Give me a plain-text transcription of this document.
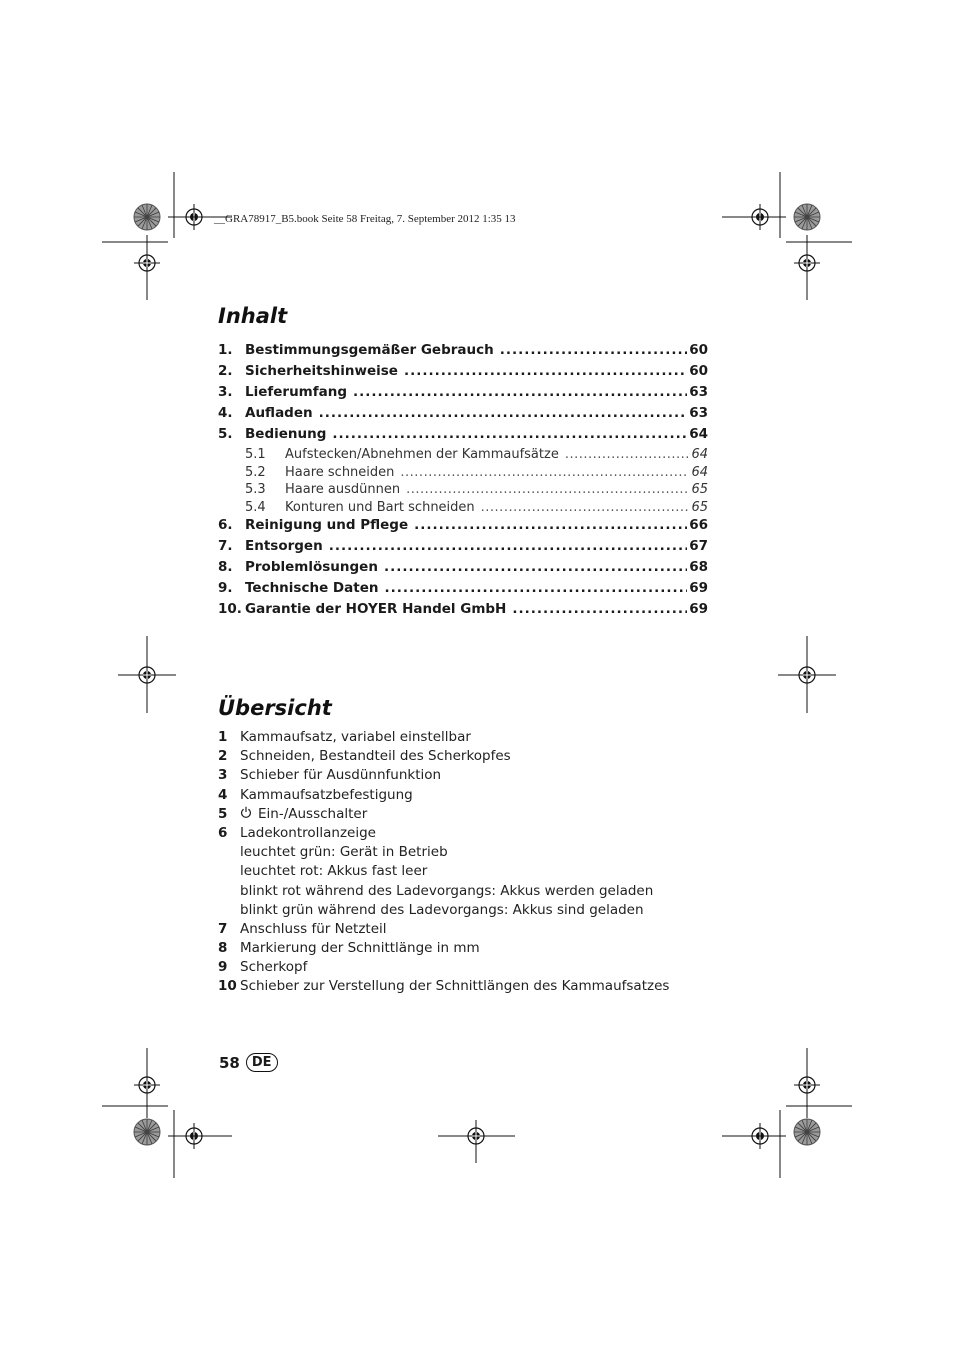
__GRA78917_B5.book Seite 58 Freitag, 7. September 2012 1:35 13
Inhalt
1. Bestimmungsgemäßer Gebrauch .....	60
2. Sicherheitshinweise .....	60
3. Lieferumfang .....	63
4. Aufladen .....	63
5. Bedienung .....	64
5.1	Aufstecken/Abnehmen der Kammaufsätze .....	64
5.2	Haare schneiden .....	64
5.3	Haare ausdünnen .....	65
5.4	Konturen und Bart schneiden .....	65
6. Reinigung und Pflege .....	66
7. Entsorgen .....	67
8. Problemlösungen .....	68
9. Technische Daten .....	69
10. Garantie der HOYER Handel GmbH .....	69
Übersicht
1 Kammaufsatz, variabel einstellbar
2 Schneiden, Bestandteil des Scherkopfes
3 Schieber für Ausdünnfunktion
4 Kammaufsatzbefestigung
5	Ein-/Ausschalter
6 Ladekontrollanzeige
leuchtet grün: Gerät in Betrieb
leuchtet rot: Akkus fast leer
blinkt rot während des Ladevorgangs: Akkus werden geladen
blinkt grün während des Ladevorgangs: Akkus sind geladen
7 Anschluss für Netzteil
8 Markierung der Schnittlänge in mm
9 Scherkopf
10 Schieber zur Verstellung der Schnittlängen des Kammaufsatzes
58 DE
